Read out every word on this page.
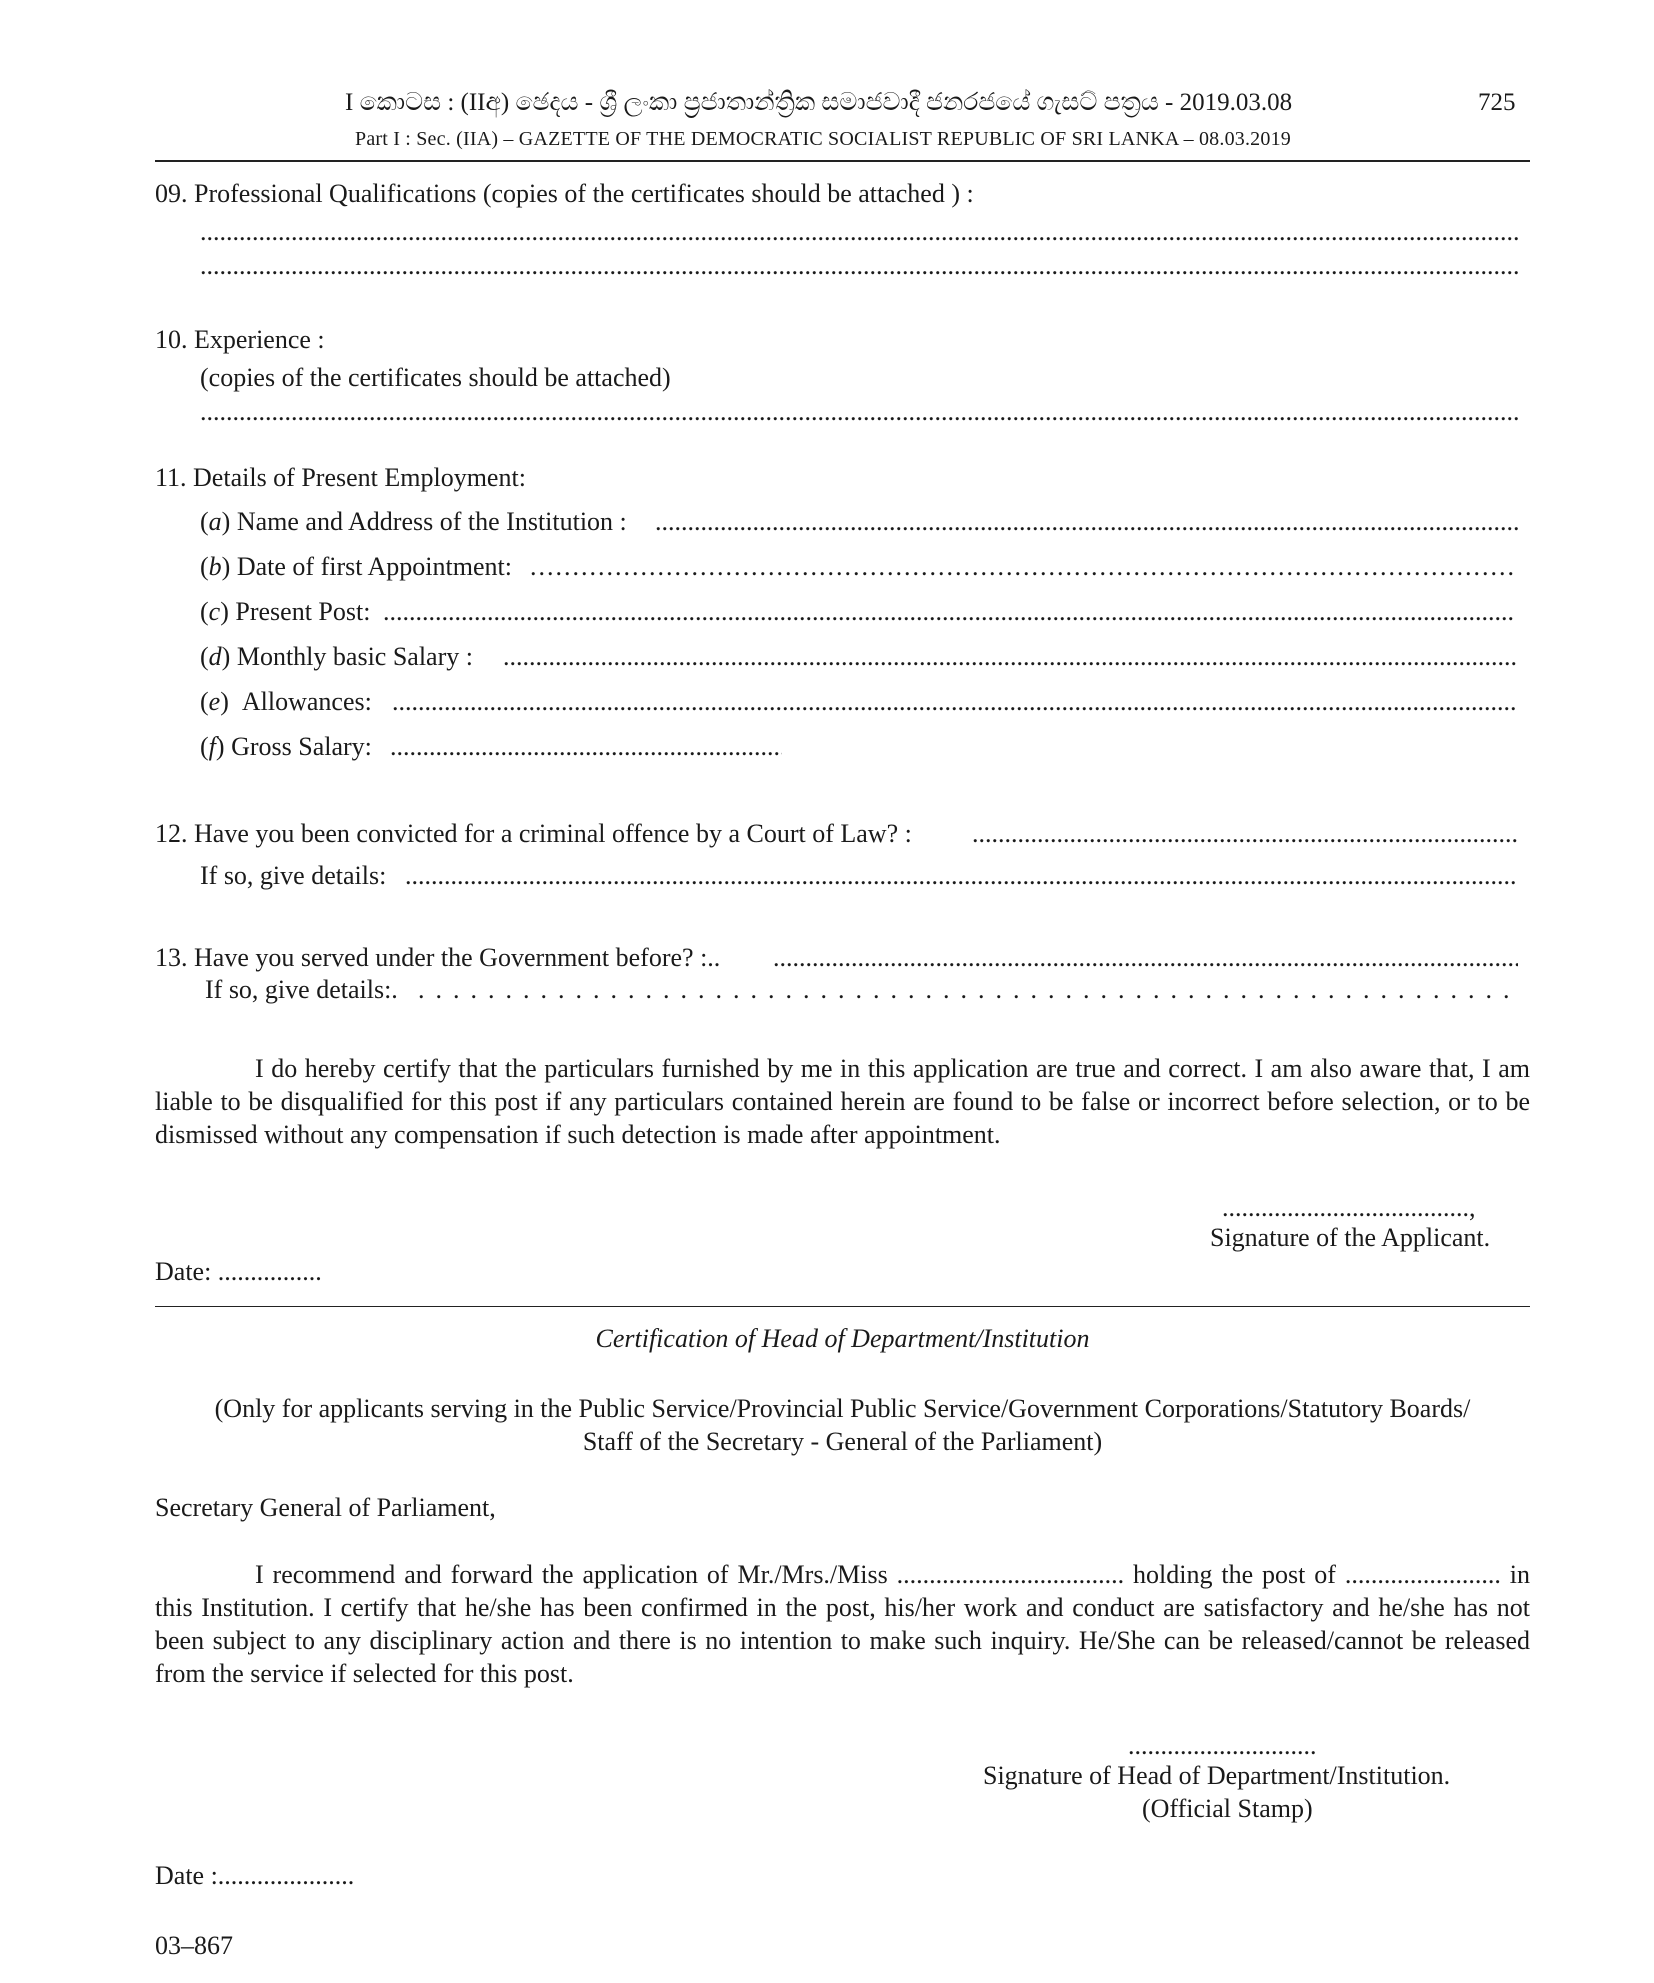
I කොටස : (IIඅ) ඡෙදය - ශ්‍රී ලංකා ප්‍රජාතාන්ත්‍රික සමාජවාදී ජනරජයේ ගැසට් පත්‍රය - 2019.03.08	725
Part I : Sec. (IIA) – GAZETTE OF THE DEMOCRATIC SOCIALIST REPUBLIC OF SRI LANKA – 08.03.2019
09. Professional Qualifications (copies of the certificates should be attached ) :
.....
.....
10. Experience :
(copies of the certificates should be attached)
.....
11. Details of Present Employment:
(a) Name and Address of the Institution :
.....
(b) Date of first Appointment:
.....
(c) Present Post:
.....
(d) Monthly basic Salary :
.....
(e)  Allowances:
.....
(f) Gross Salary:
.....
12. Have you been convicted for a criminal offence by a Court of Law? :
.....
If so, give details:
.....
13. Have you served under the Government before? :..
.....
If so, give details:.
.....
I do hereby certify that the particulars furnished by me in this application are true and correct. I am also aware that, I am liable to be disqualified for this post if any particulars contained herein are found to be false or incorrect before selection, or to be dismissed without any compensation if such detection is made after appointment.
......................................,
Signature of the Applicant.
Date: ................
Certification of Head of Department/Institution
(Only for applicants serving in the Public Service/Provincial Public Service/Government Corporations/Statutory Boards/
Staff of the Secretary - General of the Parliament)
Secretary General of Parliament,
I recommend and forward the application of Mr./Mrs./Miss ................................... holding the post of ........................ in this Institution. I certify that he/she has been confirmed in the post, his/her work and conduct are satisfactory and he/she has not been subject to any disciplinary action and there is no intention to make such inquiry. He/She can be released/cannot be released from the service if selected for this post.
.............................
Signature of Head of Department/Institution.
(Official Stamp)
Date :.....................
03–867
